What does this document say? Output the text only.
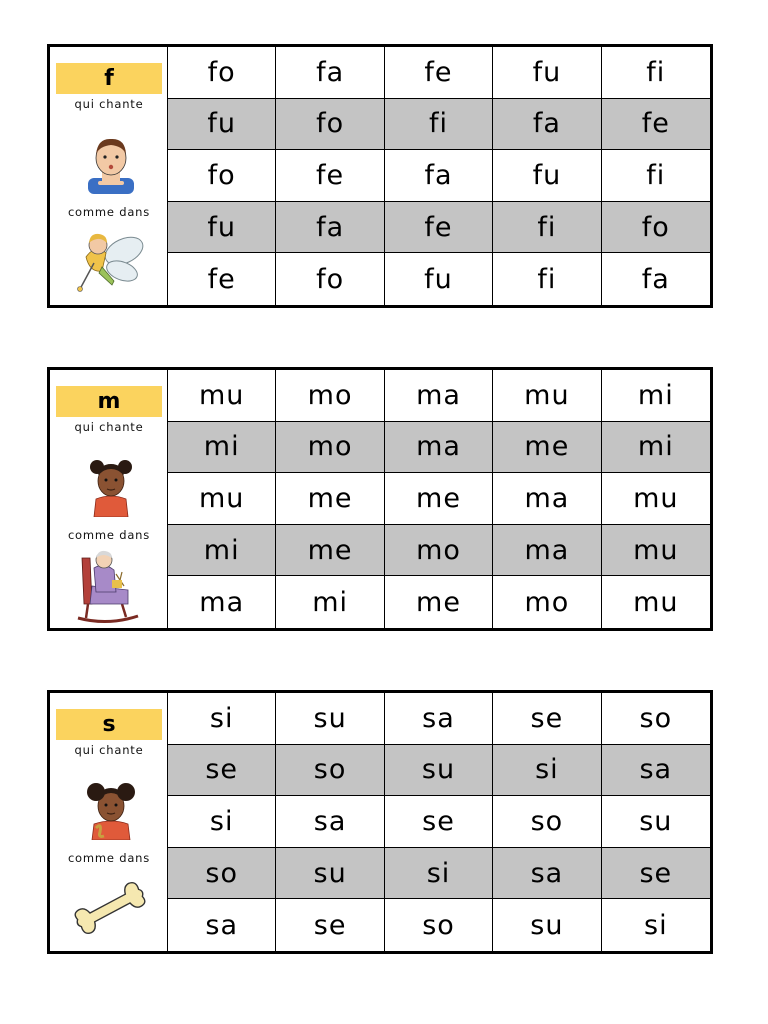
f
qui chante
comme dans
fo	fa	fe	fu	fi
fu	fo	fi	fa	fe
fo	fe	fa	fu	fi
fu	fa	fe	fi	fo
fe	fo	fu	fi	fa
m
qui chante
comme dans
mu	mo	ma	mu	mi
mi	mo	ma	me	mi
mu	me	me	ma	mu
mi	me	mo	ma	mu
ma	mi	me	mo	mu
s
qui chante
comme dans
si	su	sa	se	so
se	so	su	si	sa
si	sa	se	so	su
so	su	si	sa	se
sa	se	so	su	si
